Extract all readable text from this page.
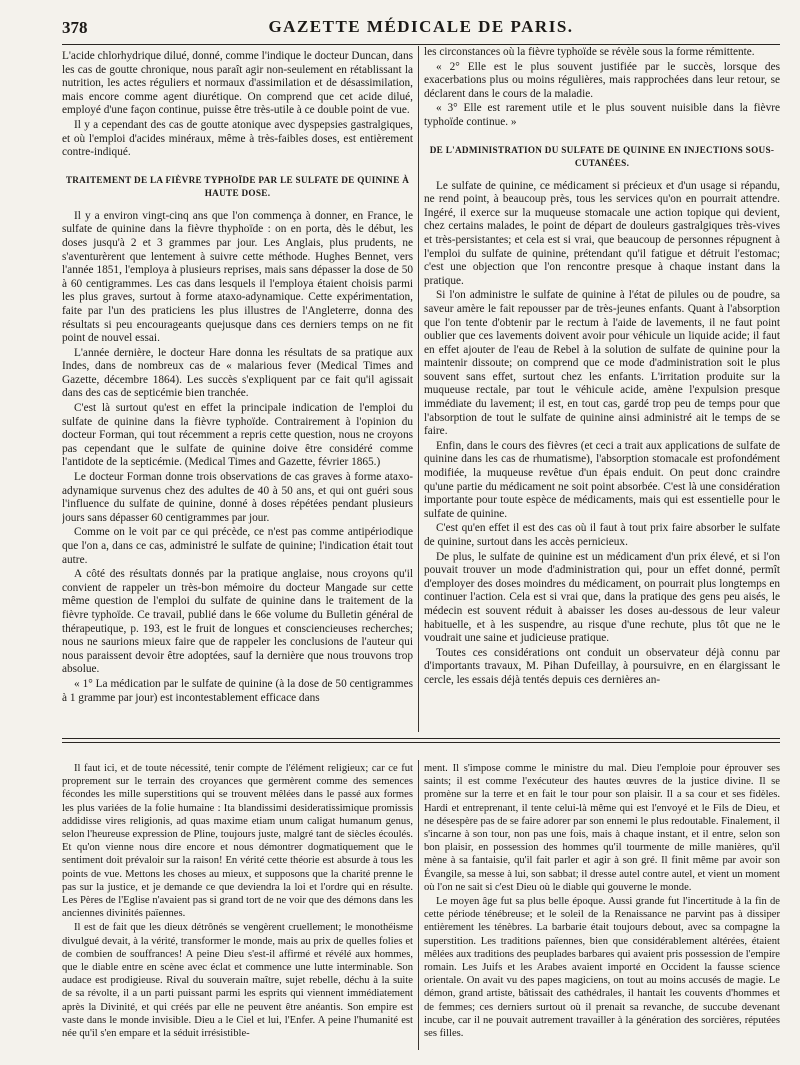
378	GAZETTE MÉDICALE DE PARIS.

L'acide chlorhydrique dilué, donné, comme l'indique le docteur Duncan, dans les cas de goutte chronique, nous paraît agir non-seulement en rétablissant la nutrition, les actes réguliers et normaux d'assimilation et de désassimilation, mais encore comme agent diurétique. On comprend que cet acide dilué, employé d'une façon continue, puisse être très-utile à ce double point de vue.

Il y a cependant des cas de goutte atonique avec dyspepsies gastralgiques, et où l'emploi d'acides minéraux, même à très-faibles doses, est entièrement contre-indiqué.

TRAITEMENT DE LA FIÈVRE TYPHOÏDE PAR LE SULFATE DE QUININE À HAUTE DOSE.

Il y a environ vingt-cinq ans que l'on commença à donner, en France, le sulfate de quinine dans la fièvre thyphoïde : on en porta, dès le début, les doses jusqu'à 2 et 3 grammes par jour. Les Anglais, plus prudents, ne s'aventurèrent que lentement à suivre cette méthode. Hughes Bennet, vers l'année 1851, l'employa à plusieurs reprises, mais sans dépasser la dose de 50 à 60 centigrammes. Les cas dans lesquels il l'employa étaient choisis parmi les plus graves, surtout à forme ataxo-adynamique. Cette expérimentation, faite par l'un des praticiens les plus illustres de l'Angleterre, donna des résultats si peu encourageants quejusque dans ces derniers temps on ne fit point de nouvel essai.

L'année dernière, le docteur Hare donna les résultats de sa pratique aux Indes, dans de nombreux cas de « malarious fever (Medical Times and Gazette, décembre 1864). Les succès s'expliquent par ce fait qu'il agissait dans des cas de septicémie bien tranchée.

C'est là surtout qu'est en effet la principale indication de l'emploi du sulfate de quinine dans la fièvre typhoïde. Contrairement à l'opinion du docteur Forman, qui tout récemment a repris cette question, nous ne croyons pas cependant que le sulfate de quinine doive être considéré comme l'antidote de la septicémie. (Medical Times and Gazette, février 1865.)

Le docteur Forman donne trois observations de cas graves à forme ataxo-adynamique survenus chez des adultes de 40 à 50 ans, et qui ont guéri sous l'influence du sulfate de quinine, donné à doses répétées pendant plusieurs jours sans dépasser 60 centigrammes par jour.

Comme on le voit par ce qui précède, ce n'est pas comme antipériodique que l'on a, dans ce cas, administré le sulfate de quinine; l'indication était tout autre.

A côté des résultats donnés par la pratique anglaise, nous croyons qu'il convient de rappeler un très-bon mémoire du docteur Mangade sur cette même question de l'emploi du sulfate de quinine dans le traitement de la fièvre typhoïde. Ce travail, publié dans le 66e volume du Bulletin général de thérapeutique, p. 193, est le fruit de longues et consciencieuses recherches; nous ne saurions mieux faire que de rappeler les conclusions de l'auteur qui nous paraissent devoir être adoptées, sauf la dernière que nous trouvons trop absolue.

« 1° La médication par le sulfate de quinine (à la dose de 50 centigrammes à 1 gramme par jour) est incontestablement efficace dans

les circonstances où la fièvre typhoïde se révèle sous la forme rémittente.

« 2° Elle est le plus souvent justifiée par le succès, lorsque des exacerbations plus ou moins régulières, mais rapprochées dans leur retour, se déclarent dans le cours de la maladie.

« 3° Elle est rarement utile et le plus souvent nuisible dans la fièvre typhoïde continue. »

DE L'ADMINISTRATION DU SULFATE DE QUININE EN INJECTIONS SOUS-CUTANÉES.

Le sulfate de quinine, ce médicament si précieux et d'un usage si répandu, ne rend point, à beaucoup près, tous les services qu'on en pourrait attendre. Ingéré, il exerce sur la muqueuse stomacale une action topique qui devient, chez certains malades, le point de départ de douleurs gastralgiques très-vives et très-persistantes; et cela est si vrai, que beaucoup de personnes répugnent à l'emploi du sulfate de quinine, prétendant qu'il fatigue et détruit l'estomac; c'est une objection que l'on rencontre presque à chaque instant dans la pratique.

Si l'on administre le sulfate de quinine à l'état de pilules ou de poudre, sa saveur amère le fait repousser par de très-jeunes enfants. Quant à l'absorption que l'on tente d'obtenir par le rectum à l'aide de lavements, il ne faut point oublier que ces lavements doivent avoir pour véhicule un liquide acide; il faut en effet ajouter de l'eau de Rebel à la solution de sulfate de quinine pour la maintenir dissoute; on comprend que ce mode d'administration soit le plus souvent sans effet, surtout chez les enfants. L'irritation produite sur la muqueuse rectale, par tout le véhicule acide, amène l'expulsion presque immédiate du lavement; il est, en tout cas, gardé trop peu de temps pour que l'absorption de tout le sulfate de quinine ainsi administré ait le temps de se faire.

Enfin, dans le cours des fièvres (et ceci a trait aux applications de sulfate de quinine dans les cas de rhumatisme), l'absorption stomacale est profondément modifiée, la muqueuse revêtue d'un épais enduit. On peut donc craindre qu'une partie du médicament ne soit point absorbée. C'est là une considération importante pour toute espèce de médicaments, mais qui est essentielle pour le sulfate de quinine.

C'est qu'en effet il est des cas où il faut à tout prix faire absorber le sulfate de quinine, surtout dans les accès pernicieux.

De plus, le sulfate de quinine est un médicament d'un prix élevé, et si l'on pouvait trouver un mode d'administration qui, pour un effet donné, permît d'employer des doses moindres du médicament, on pourrait plus longtemps en continuer l'action. Cela est si vrai que, dans la pratique des gens peu aisés, le médecin est souvent réduit à abaisser les doses au-dessous de leur valeur habituelle, et à les suspendre, au risque d'une rechute, plus tôt que ne le voudrait une saine et judicieuse pratique.

Toutes ces considérations ont conduit un observateur déjà connu par d'importants travaux, M. Pihan Dufeillay, à poursuivre, en en élargissant le cercle, les essais déjà tentés depuis ces dernières an-

Il faut ici, et de toute nécessité, tenir compte de l'élément religieux; car ce fut proprement sur le terrain des croyances que germèrent comme des semences fécondes les mille superstitions qui se trouvent mêlées dans le passé aux formes les plus variées de la folie humaine : Ita blandissimi desideratissimique promissis addidisse vires religionis, ad quas maxime etiam unum caligat humanum genus, selon l'heureuse expression de Pline, toujours juste, malgré tant de siècles écoulés. Et qu'on vienne nous dire encore et nous démontrer dogmatiquement que le sentiment doit prévaloir sur la raison! En vérité cette théorie est absurde à tous les points de vue. Mettons les choses au mieux, et supposons que la charité prenne le pas sur la justice, et je demande ce que deviendra la loi et l'ordre qui en résulte. Les Pères de l'Eglise n'avaient pas si grand tort de ne voir que des démons dans les anciennes divinités païennes.

Il est de fait que les dieux détrônés se vengèrent cruellement; le monothéisme divulgué devait, à la vérité, transformer le monde, mais au prix de quelles folies et de combien de souffrances! A peine Dieu s'est-il affirmé et révélé aux hommes, que le diable entre en scène avec éclat et commence une lutte interminable. Son audace est prodigieuse. Rival du souverain maître, sujet rebelle, déchu à la suite de sa révolte, il a un parti puissant parmi les esprits qui viennent immédiatement après la Divinité, et qui créés par elle ne peuvent être anéantis. Son empire est vaste dans le monde invisible. Dieu a le Ciel et lui, l'Enfer. A peine l'humanité est née qu'il s'en empare et la séduit irrésistible-

ment. Il s'impose comme le ministre du mal. Dieu l'emploie pour éprouver ses saints; il est comme l'exécuteur des hautes œuvres de la justice divine. Il se promène sur la terre et en fait le tour pour son plaisir. Il a sa cour et ses fidèles. Hardi et entreprenant, il tente celui-là même qui est l'envoyé et le Fils de Dieu, et ne désespère pas de se faire adorer par son ennemi le plus redoutable. Finalement, il s'incarne à son tour, non pas une fois, mais à chaque instant, et il entre, selon son bon plaisir, en possession des hommes qu'il tourmente de mille manières, qu'il mène à sa fantaisie, qu'il fait parler et agir à son gré. Il finit même par avoir son Évangile, sa messe à lui, son sabbat; il dresse autel contre autel, et vient un moment où l'on ne sait si c'est Dieu où le diable qui gouverne le monde.

Le moyen âge fut sa plus belle époque. Aussi grande fut l'incertitude à la fin de cette période ténébreuse; et le soleil de la Renaissance ne parvint pas à dissiper entièrement les ténèbres. La barbarie était toujours debout, avec sa compagne la superstition. Les traditions païennes, bien que considérablement altérées, étaient mêlées aux traditions des peuplades barbares qui avaient pris possession de l'empire romain. Les Juifs et les Arabes avaient importé en Occident la fausse science orientale. On avait vu des papes magiciens, on tout au moins accusés de magie. Le démon, grand artiste, bâtissait des cathédrales, il hantait les couvents d'hommes et de femmes; ces derniers surtout où il prenait sa revanche, de succube devenant incube, car il ne pouvait autrement travailler à la génération des sorcières, réputées ses filles.
